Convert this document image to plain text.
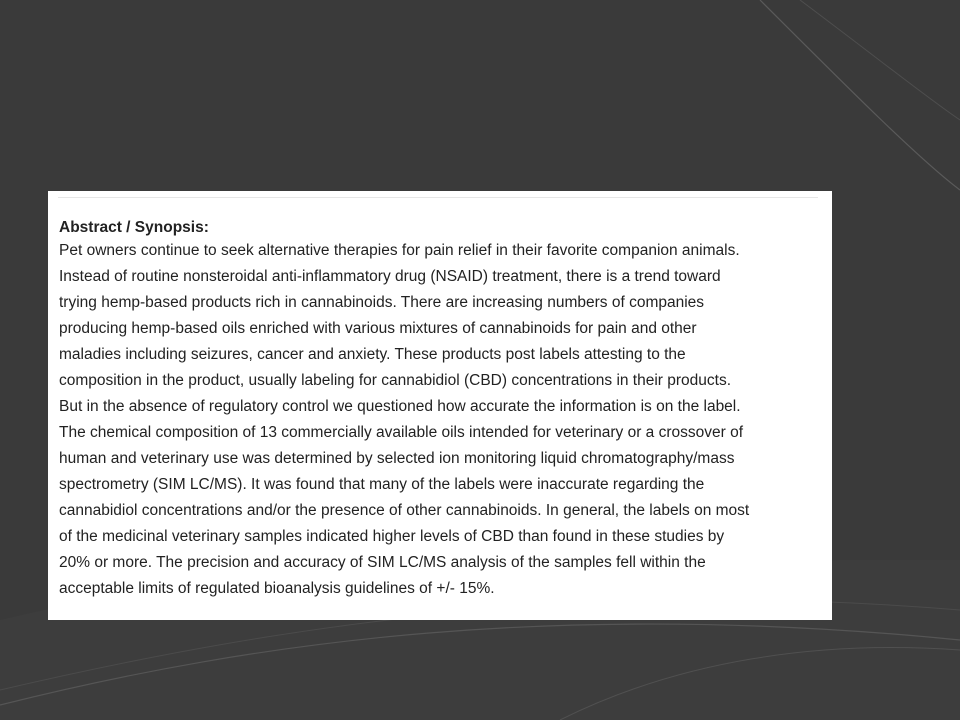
Abstract / Synopsis:
Pet owners continue to seek alternative therapies for pain relief in their favorite companion animals.
Instead of routine nonsteroidal anti-inflammatory drug (NSAID) treatment, there is a trend toward
trying hemp-based products rich in cannabinoids. There are increasing numbers of companies
producing hemp-based oils enriched with various mixtures of cannabinoids for pain and other
maladies including seizures, cancer and anxiety. These products post labels attesting to the
composition in the product, usually labeling for cannabidiol (CBD) concentrations in their products.
But in the absence of regulatory control we questioned how accurate the information is on the label.
The chemical composition of 13 commercially available oils intended for veterinary or a crossover of
human and veterinary use was determined by selected ion monitoring liquid chromatography/mass
spectrometry (SIM LC/MS). It was found that many of the labels were inaccurate regarding the
cannabidiol concentrations and/or the presence of other cannabinoids. In general, the labels on most
of the medicinal veterinary samples indicated higher levels of CBD than found in these studies by
20% or more. The precision and accuracy of SIM LC/MS analysis of the samples fell within the
acceptable limits of regulated bioanalysis guidelines of +/- 15%.
